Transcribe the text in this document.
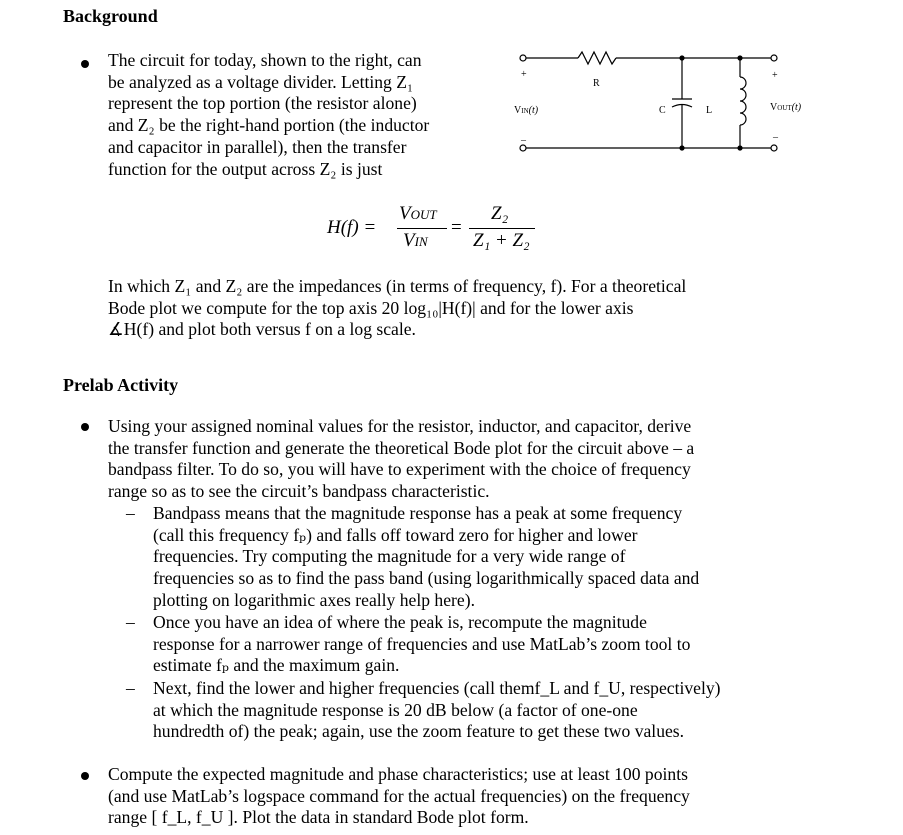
Background
The circuit for today, shown to the right, can
be analyzed as a voltage divider. Letting Z₁
represent the top portion (the resistor alone)
and Z₂ be the right-hand portion (the inductor
and capacitor in parallel), then the transfer
function for the output across Z₂ is just
+
–
VIN(t)
R
C	L
+
–
VOUT(t)
H(f) =
VOUT
VIN
=
Z₂
Z₁ + Z₂
In which Z₁ and Z₂ are the impedances (in terms of frequency, f). For a theoretical
Bode plot we compute for the top axis 20 log₁₀|H(f)| and for the lower axis
∡H(f) and plot both versus f on a log scale.
Prelab Activity
Using your assigned nominal values for the resistor, inductor, and capacitor, derive
the transfer function and generate the theoretical Bode plot for the circuit above – a
bandpass filter. To do so, you will have to experiment with the choice of frequency
range so as to see the circuit’s bandpass characteristic.
– Bandpass means that the magnitude response has a peak at some frequency
(call this frequency fₚ) and falls off toward zero for higher and lower
frequencies. Try computing the magnitude for a very wide range of
frequencies so as to find the pass band (using logarithmically spaced data and
plotting on logarithmic axes really help here).
– Once you have an idea of where the peak is, recompute the magnitude
response for a narrower range of frequencies and use MatLab’s zoom tool to
estimate fₚ and the maximum gain.
– Next, find the lower and higher frequencies (call themf_L and f_U, respectively)
at which the magnitude response is 20 dB below (a factor of one-one
hundredth of) the peak; again, use the zoom feature to get these two values.
Compute the expected magnitude and phase characteristics; use at least 100 points
(and use MatLab’s logspace command for the actual frequencies) on the frequency
range [ f_L, f_U ]. Plot the data in standard Bode plot form.
